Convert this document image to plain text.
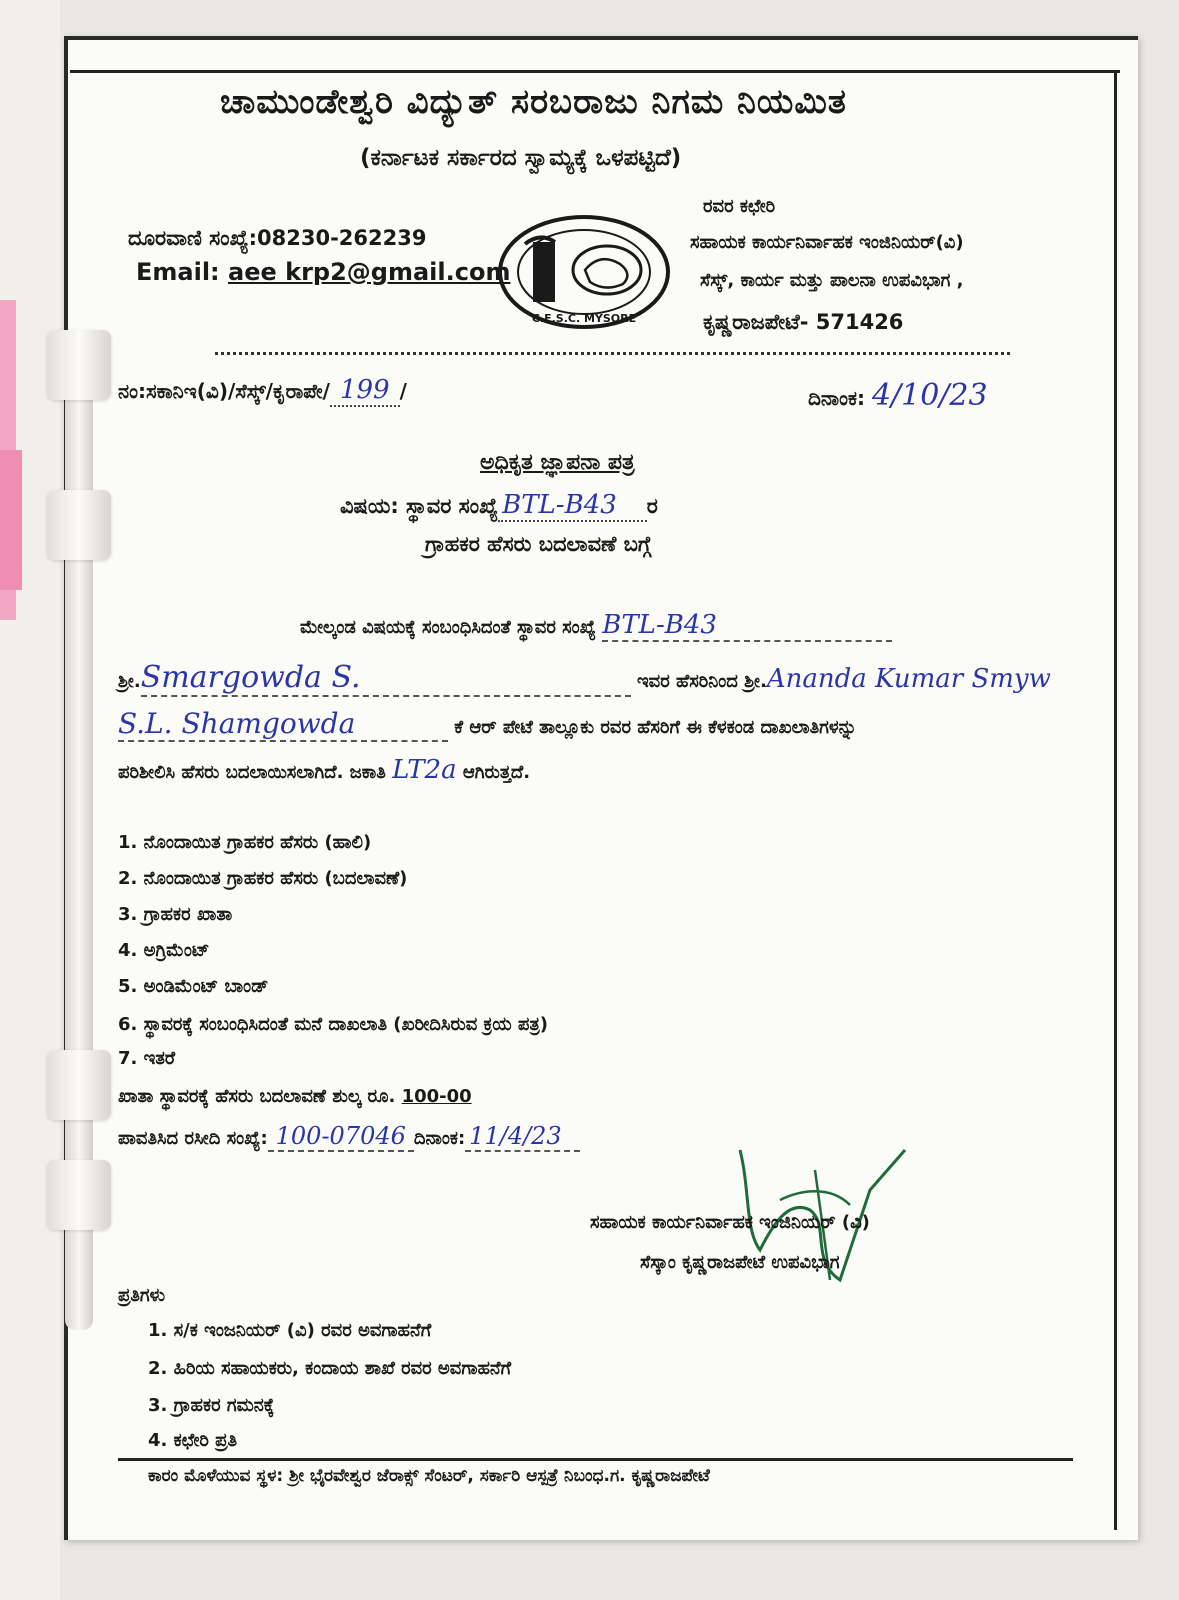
ಚಾಮುಂಡೇಶ್ವರಿ ವಿದ್ಯುತ್ ಸರಬರಾಜು ನಿಗಮ ನಿಯಮಿತ
(ಕರ್ನಾಟಕ ಸರ್ಕಾರದ ಸ್ವಾಮ್ಯಕ್ಕೆ ಒಳಪಟ್ಟಿದೆ)
ದೂರವಾಣಿ ಸಂಖ್ಯೆ:08230-262239
Email: aee krp2@gmail.com
C.E.S.C. MYSORE
ರವರ ಕಛೇರಿ
ಸಹಾಯಕ ಕಾರ್ಯನಿರ್ವಾಹಕ ಇಂಜಿನಿಯರ್(ವಿ)
ಸೆಸ್ಕ್, ಕಾರ್ಯ ಮತ್ತು ಪಾಲನಾ ಉಪವಿಭಾಗ ,
ಕೃಷ್ಣರಾಜಪೇಟೆ- 571426
ನಂ:ಸಕಾನಿಇ(ವಿ)/ಸೆಸ್ಕ್/ಕೃರಾಪೇ/ 199 /	ದಿನಾಂಕ: 4/10/23
ಅಧಿಕೃತ ಜ್ಞಾಪನಾ ಪತ್ರ
ವಿಷಯ: ಸ್ಥಾವರ ಸಂಖ್ಯೆ BTL-B43 ರ
ಗ್ರಾಹಕರ ಹೆಸರು ಬದಲಾವಣೆ ಬಗ್ಗೆ
ಮೇಲ್ಕಂಡ ವಿಷಯಕ್ಕೆ ಸಂಬಂಧಿಸಿದಂತೆ ಸ್ಥಾವರ ಸಂಖ್ಯೆ BTL-B43
ಶ್ರೀ.Smargowda S.	ಇವರ ಹೆಸರಿನಿಂದ ಶ್ರೀ.Ananda Kumar Smyw
S.L. Shamgowda	ಕೆ ಆರ್ ಪೇಟೆ ತಾಲ್ಲೂಕು ರವರ ಹೆಸರಿಗೆ ಈ ಕೆಳಕಂಡ ದಾಖಲಾತಿಗಳನ್ನು
ಪರಿಶೀಲಿಸಿ ಹೆಸರು ಬದಲಾಯಿಸಲಾಗಿದೆ. ಜಕಾತಿ LT2a ಆಗಿರುತ್ತದೆ.
1. ನೊಂದಾಯಿತ ಗ್ರಾಹಕರ ಹೆಸರು (ಹಾಲಿ)
2. ನೊಂದಾಯಿತ ಗ್ರಾಹಕರ ಹೆಸರು (ಬದಲಾವಣೆ)
3. ಗ್ರಾಹಕರ ಖಾತಾ
4. ಅಗ್ರಿಮೆಂಟ್
5. ಅಂಡಿಮೆಂಟ್ ಬಾಂಡ್
6. ಸ್ಥಾವರಕ್ಕೆ ಸಂಬಂಧಿಸಿದಂತೆ ಮನೆ ದಾಖಲಾತಿ (ಖರೀದಿಸಿರುವ ಕ್ರಯ ಪತ್ರ)
7. ಇತರೆ
ಖಾತಾ ಸ್ಥಾವರಕ್ಕೆ ಹೆಸರು ಬದಲಾವಣೆ ಶುಲ್ಕ ರೂ. 100-00
ಪಾವತಿಸಿದ ರಸೀದಿ ಸಂಖ್ಯೆ: 100-07046 ದಿನಾಂಕ: 11/4/23
ಸಹಾಯಕ ಕಾರ್ಯನಿರ್ವಾಹಕ ಇಂಜಿನಿಯರ್ (ವಿ)
ಸೆಸ್ಕಾಂ ಕೃಷ್ಣರಾಜಪೇಟೆ ಉಪವಿಭಾಗ
ಪ್ರತಿಗಳು
1. ಸ/ಕ ಇಂಜನಿಯರ್ (ವಿ) ರವರ ಅವಗಾಹನೆಗೆ
2. ಹಿರಿಯ ಸಹಾಯಕರು, ಕಂದಾಯ ಶಾಖೆ ರವರ ಅವಗಾಹನೆಗೆ
3. ಗ್ರಾಹಕರ ಗಮನಕ್ಕೆ
4. ಕಛೇರಿ ಪ್ರತಿ
ಕಾರಂ ಮೊಳೆಯುವ ಸ್ಥಳ: ಶ್ರೀ ಭೈರವೇಶ್ವರ ಜೆರಾಕ್ಸ್ ಸೆಂಟರ್, ಸರ್ಕಾರಿ ಆಸ್ಪತ್ರೆ ನಿಬಂಧ.ಗ. ಕೃಷ್ಣರಾಜಪೇಟೆ
